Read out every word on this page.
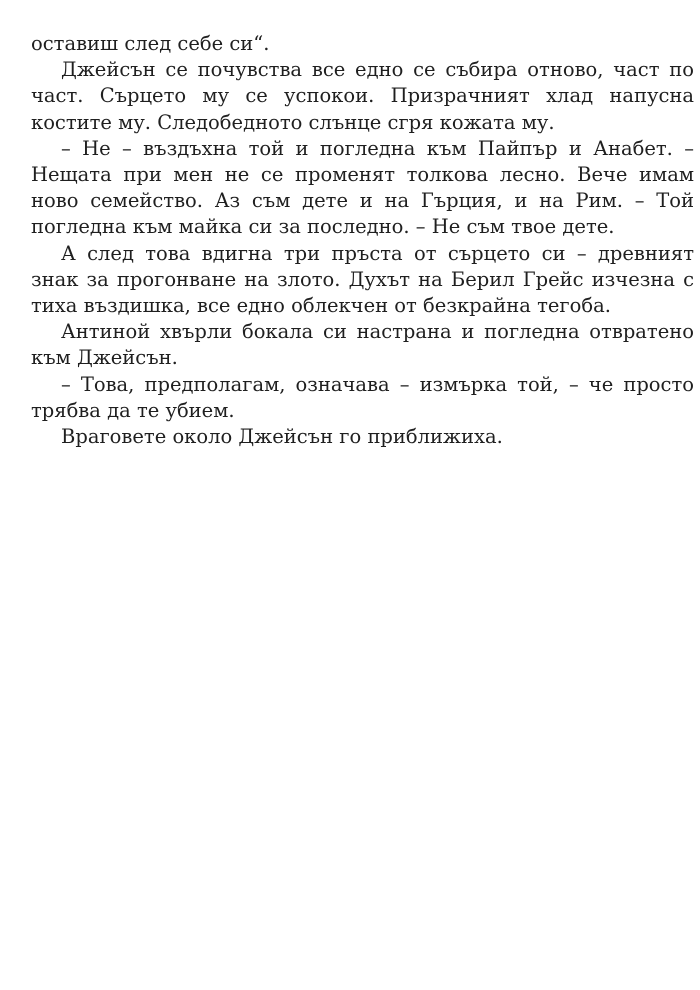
оставиш след себе си“.

Джейсън се почувства все едно се събира отново, част по част. Сърцето му се успокои. Призрачният хлад напусна костите му. Следобедното слънце сгря кожата му.

– Не – въздъхна той и погледна към Пайпър и Анабет. – Нещата при мен не се променят толкова лесно. Вече имам ново семейство. Аз съм дете и на Гърция, и на Рим. – Той погледна към майка си за последно. – Не съм твое дете.

А след това вдигна три пръста от сърцето си – древният знак за прогонване на злото. Духът на Берил Грейс изчезна с тиха въздишка, все едно облекчен от безкрайна тегоба.

Антиной хвърли бокала си настрана и погледна отвратено към Джейсън.

– Това, предполагам, означава – измърка той, – че просто трябва да те убием.

Враговете около Джейсън го приближиха.
